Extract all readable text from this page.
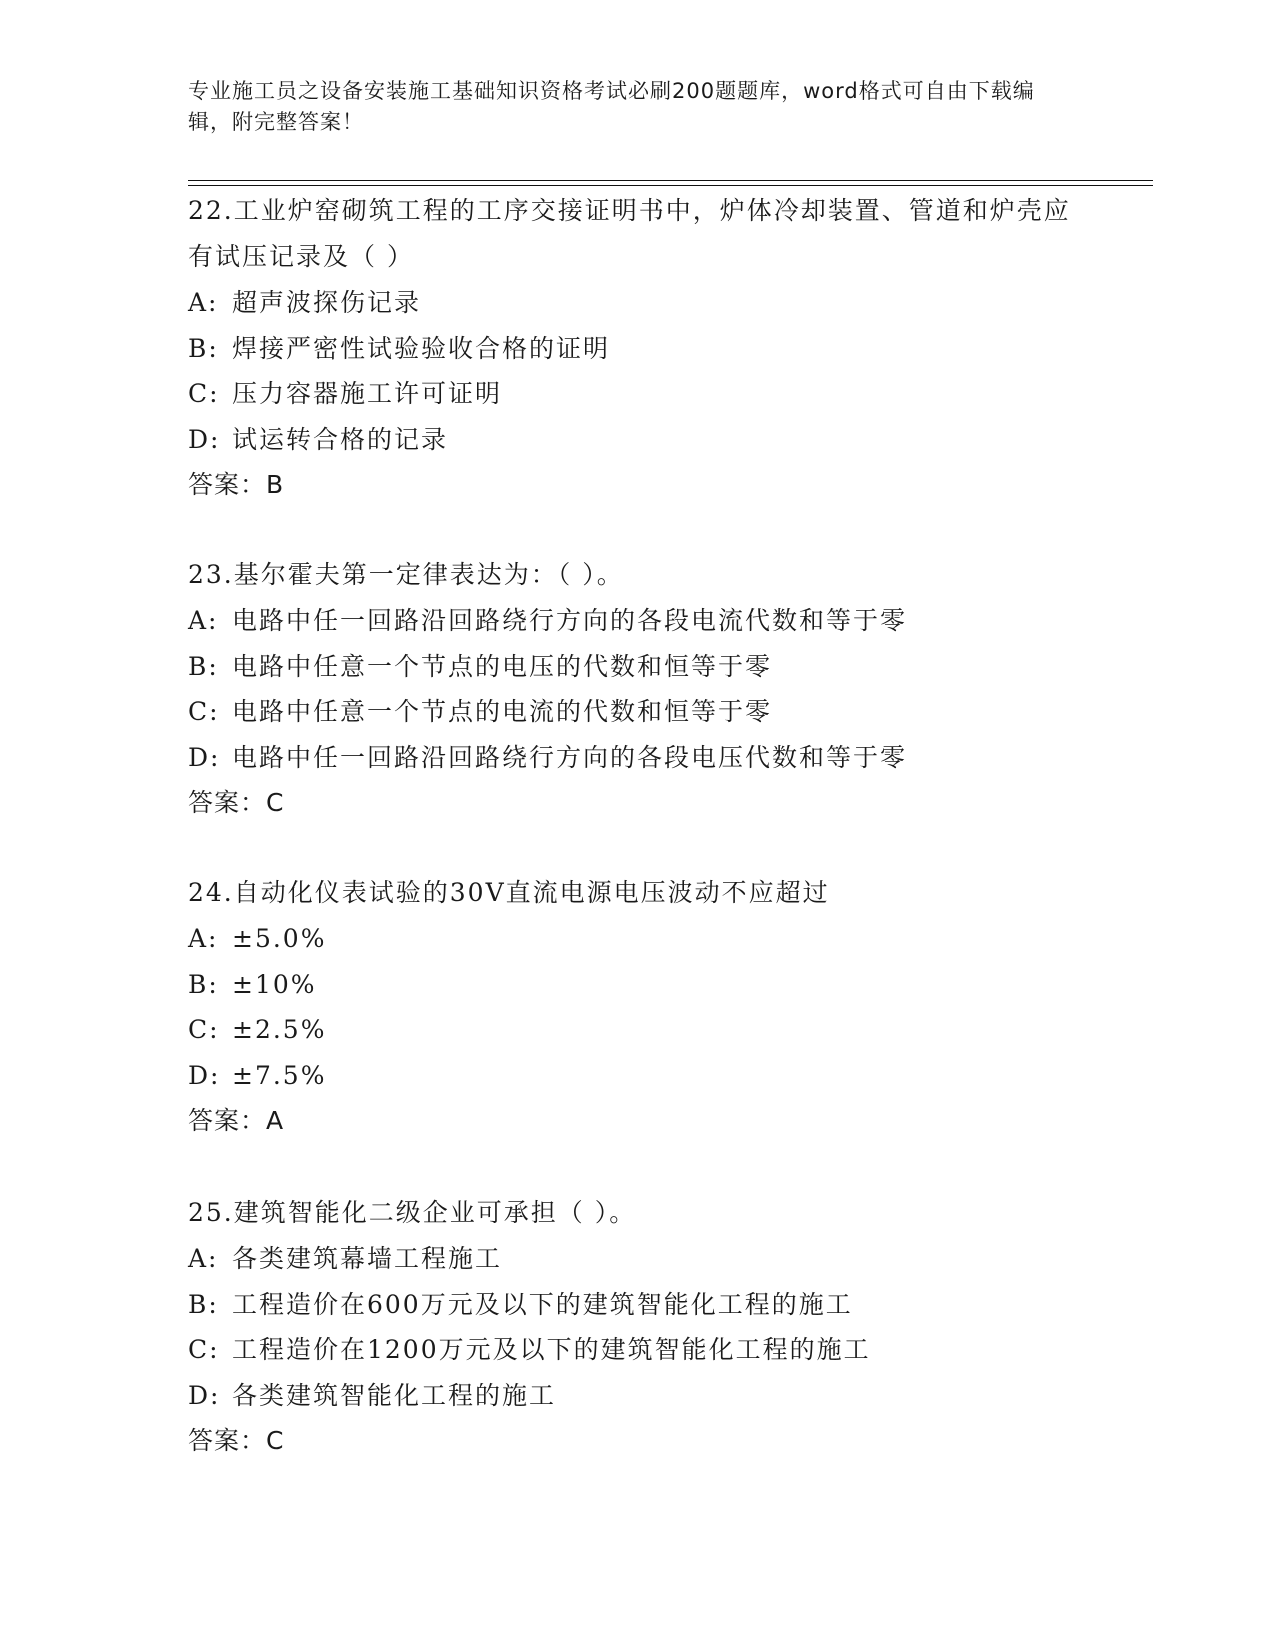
专业施工员之设备安装施工基础知识资格考试必刷200题题库，word格式可自由下载编辑，附完整答案！

22.工业炉窑砌筑工程的工序交接证明书中，炉体冷却装置、管道和炉壳应有试压记录及（ ）

A: 超声波探伤记录
B: 焊接严密性试验验收合格的证明
C: 压力容器施工许可证明
D: 试运转合格的记录
答案：B

23.基尔霍夫第一定律表达为：（ ）。

A: 电路中任一回路沿回路绕行方向的各段电流代数和等于零
B: 电路中任意一个节点的电压的代数和恒等于零
C: 电路中任意一个节点的电流的代数和恒等于零
D: 电路中任一回路沿回路绕行方向的各段电压代数和等于零
答案：C

24.自动化仪表试验的30V直流电源电压波动不应超过

A: ±5.0%
B: ±10%
C: ±2.5%
D: ±7.5%
答案：A

25.建筑智能化二级企业可承担（ ）。

A: 各类建筑幕墙工程施工
B: 工程造价在600万元及以下的建筑智能化工程的施工
C: 工程造价在1200万元及以下的建筑智能化工程的施工
D: 各类建筑智能化工程的施工
答案：C
